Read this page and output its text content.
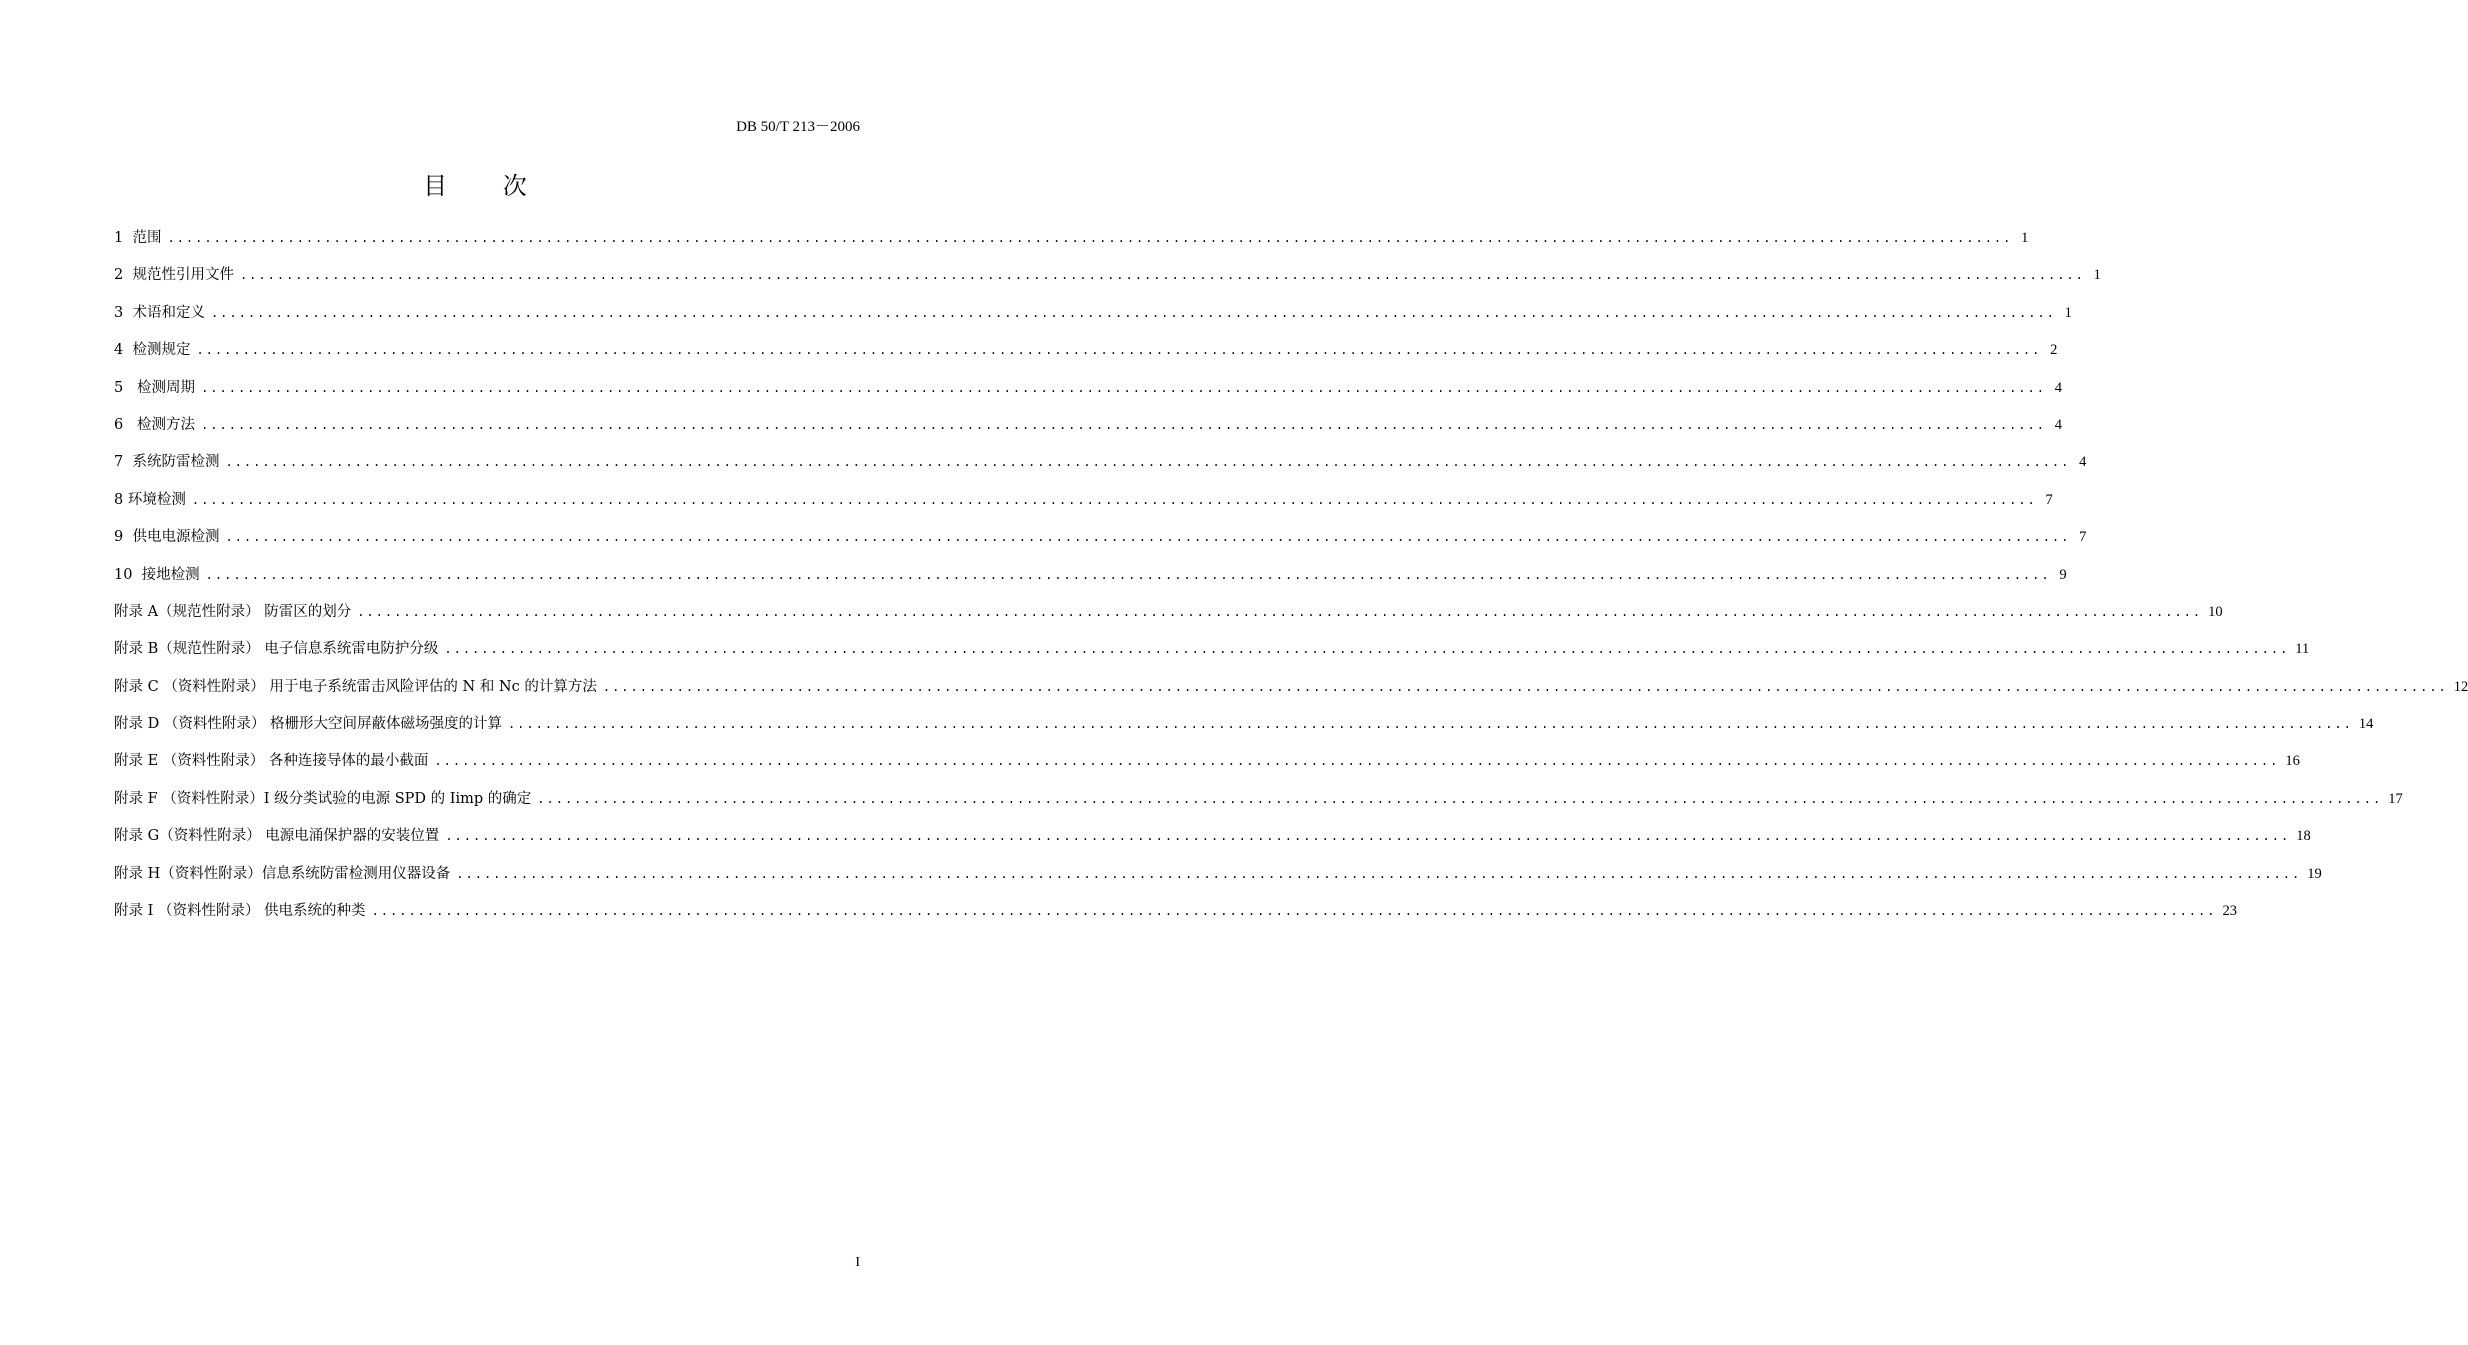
DB 50/T 213－2006
目 次
1  范围 ........................................................................................................................................................................................................ 1
2  规范性引用文件 ........................................................................................................................................................................................................ 1
3  术语和定义 ........................................................................................................................................................................................................ 1
4  检测规定 ........................................................................................................................................................................................................ 2
5   检测周期 ........................................................................................................................................................................................................ 4
6   检测方法 ........................................................................................................................................................................................................ 4
7  系统防雷检测 ........................................................................................................................................................................................................ 4
8 环境检测 ........................................................................................................................................................................................................ 7
9  供电电源检测 ........................................................................................................................................................................................................ 7
10  接地检测 ........................................................................................................................................................................................................ 9
附录 A（规范性附录） 防雷区的划分 ........................................................................................................................................................................................................ 10
附录 B（规范性附录） 电子信息系统雷电防护分级 ........................................................................................................................................................................................................ 11
附录 C （资料性附录） 用于电子系统雷击风险评估的 N 和 Nc 的计算方法 ........................................................................................................................................................................................................ 12
附录 D （资料性附录） 格栅形大空间屏蔽体磁场强度的计算 ........................................................................................................................................................................................................ 14
附录 E （资料性附录） 各种连接导体的最小截面 ........................................................................................................................................................................................................ 16
附录 F （资料性附录）I 级分类试验的电源 SPD 的 Iimp 的确定 ........................................................................................................................................................................................................ 17
附录 G（资料性附录） 电源电涌保护器的安装位置 ........................................................................................................................................................................................................ 18
附录 H（资料性附录）信息系统防雷检测用仪器设备 ........................................................................................................................................................................................................ 19
附录 I （资料性附录） 供电系统的种类 ........................................................................................................................................................................................................ 23
I
